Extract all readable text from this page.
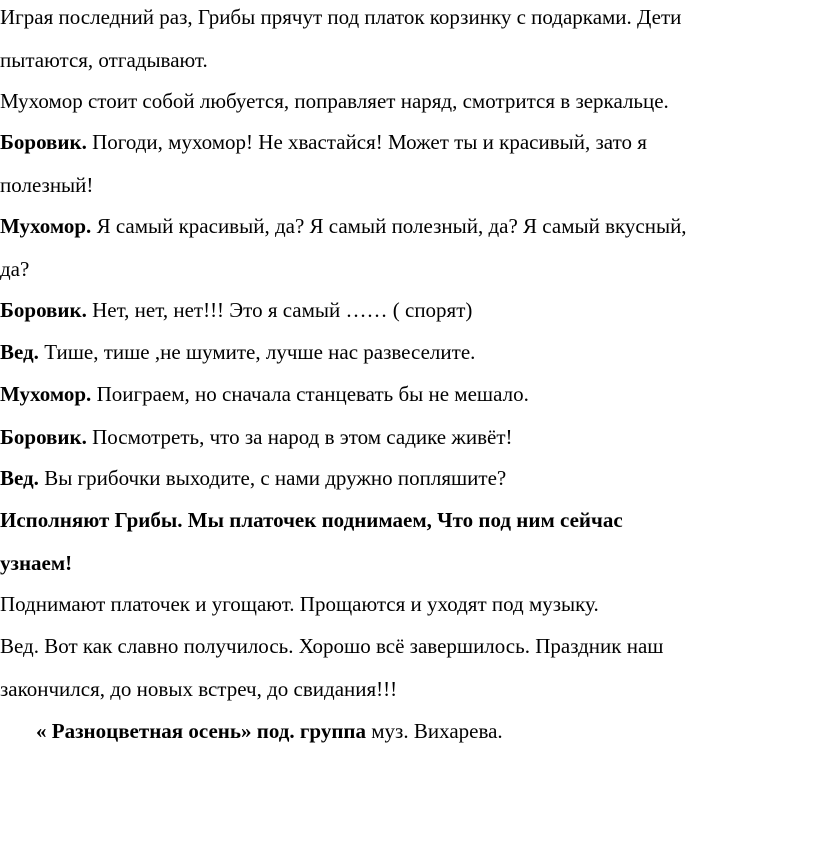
Играя последний раз, Грибы прячут под платок корзинку с подарками. Дети

пытаются, отгадывают.

Мухомор стоит собой любуется, поправляет наряд, смотрится в зеркальце.

Боровик. Погоди, мухомор! Не хвастайся! Может ты и красивый, зато я

полезный!

Мухомор. Я самый красивый, да? Я самый полезный, да? Я самый вкусный,

да?

Боровик. Нет, нет, нет!!! Это я самый …… ( спорят)

Вед. Тише, тише ,не шумите, лучше нас развеселите.

Мухомор. Поиграем, но сначала станцевать бы не мешало.

Боровик. Посмотреть, что за народ в этом садике живёт!

Вед. Вы грибочки выходите, с нами дружно попляшите?

Исполняют Грибы. Мы платочек поднимаем, Что под ним сейчас

узнаем!

Поднимают платочек и угощают. Прощаются и уходят под музыку.

Вед. Вот как славно получилось. Хорошо всё завершилось. Праздник наш

закончился, до новых встреч, до свидания!!!

« Разноцветная осень» под. группа муз. Вихарева.
